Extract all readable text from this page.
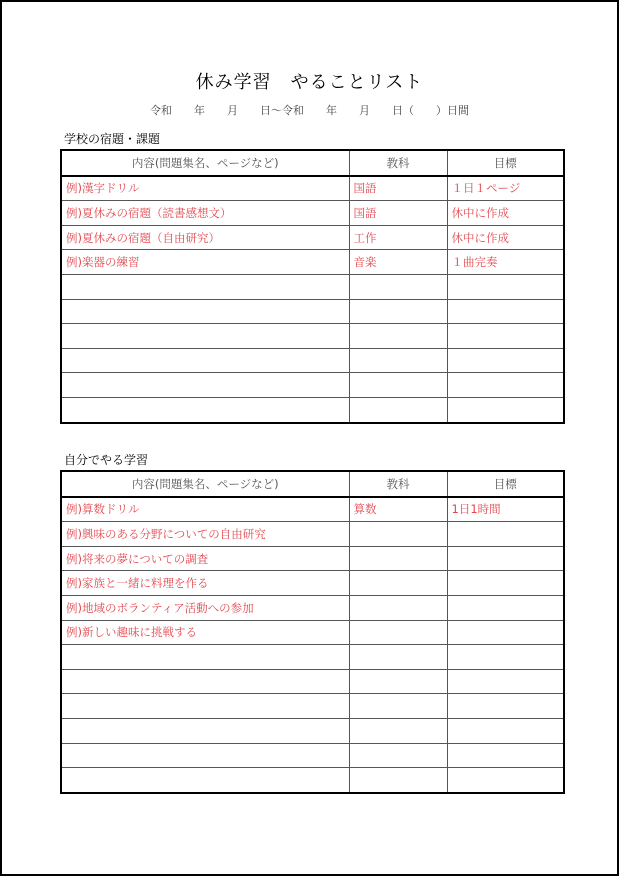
休み学習　やることリスト
令和　　年　　月　　日〜令和　　年　　月　　日（　　）日間
学校の宿題・課題
内容(問題集名、ページなど)	教科	目標
例)漢字ドリル	国語	１日１ページ
例)夏休みの宿題（読書感想文）	国語	休中に作成
例)夏休みの宿題（自由研究）	工作	休中に作成
例)楽器の練習	音楽	１曲完奏

自分でやる学習
内容(問題集名、ページなど)	教科	目標
例)算数ドリル	算数	1日1時間
例)興味のある分野についての自由研究		
例)将来の夢についての調査		
例)家族と一緒に料理を作る		
例)地域のボランティア活動への参加		
例)新しい趣味に挑戦する		
